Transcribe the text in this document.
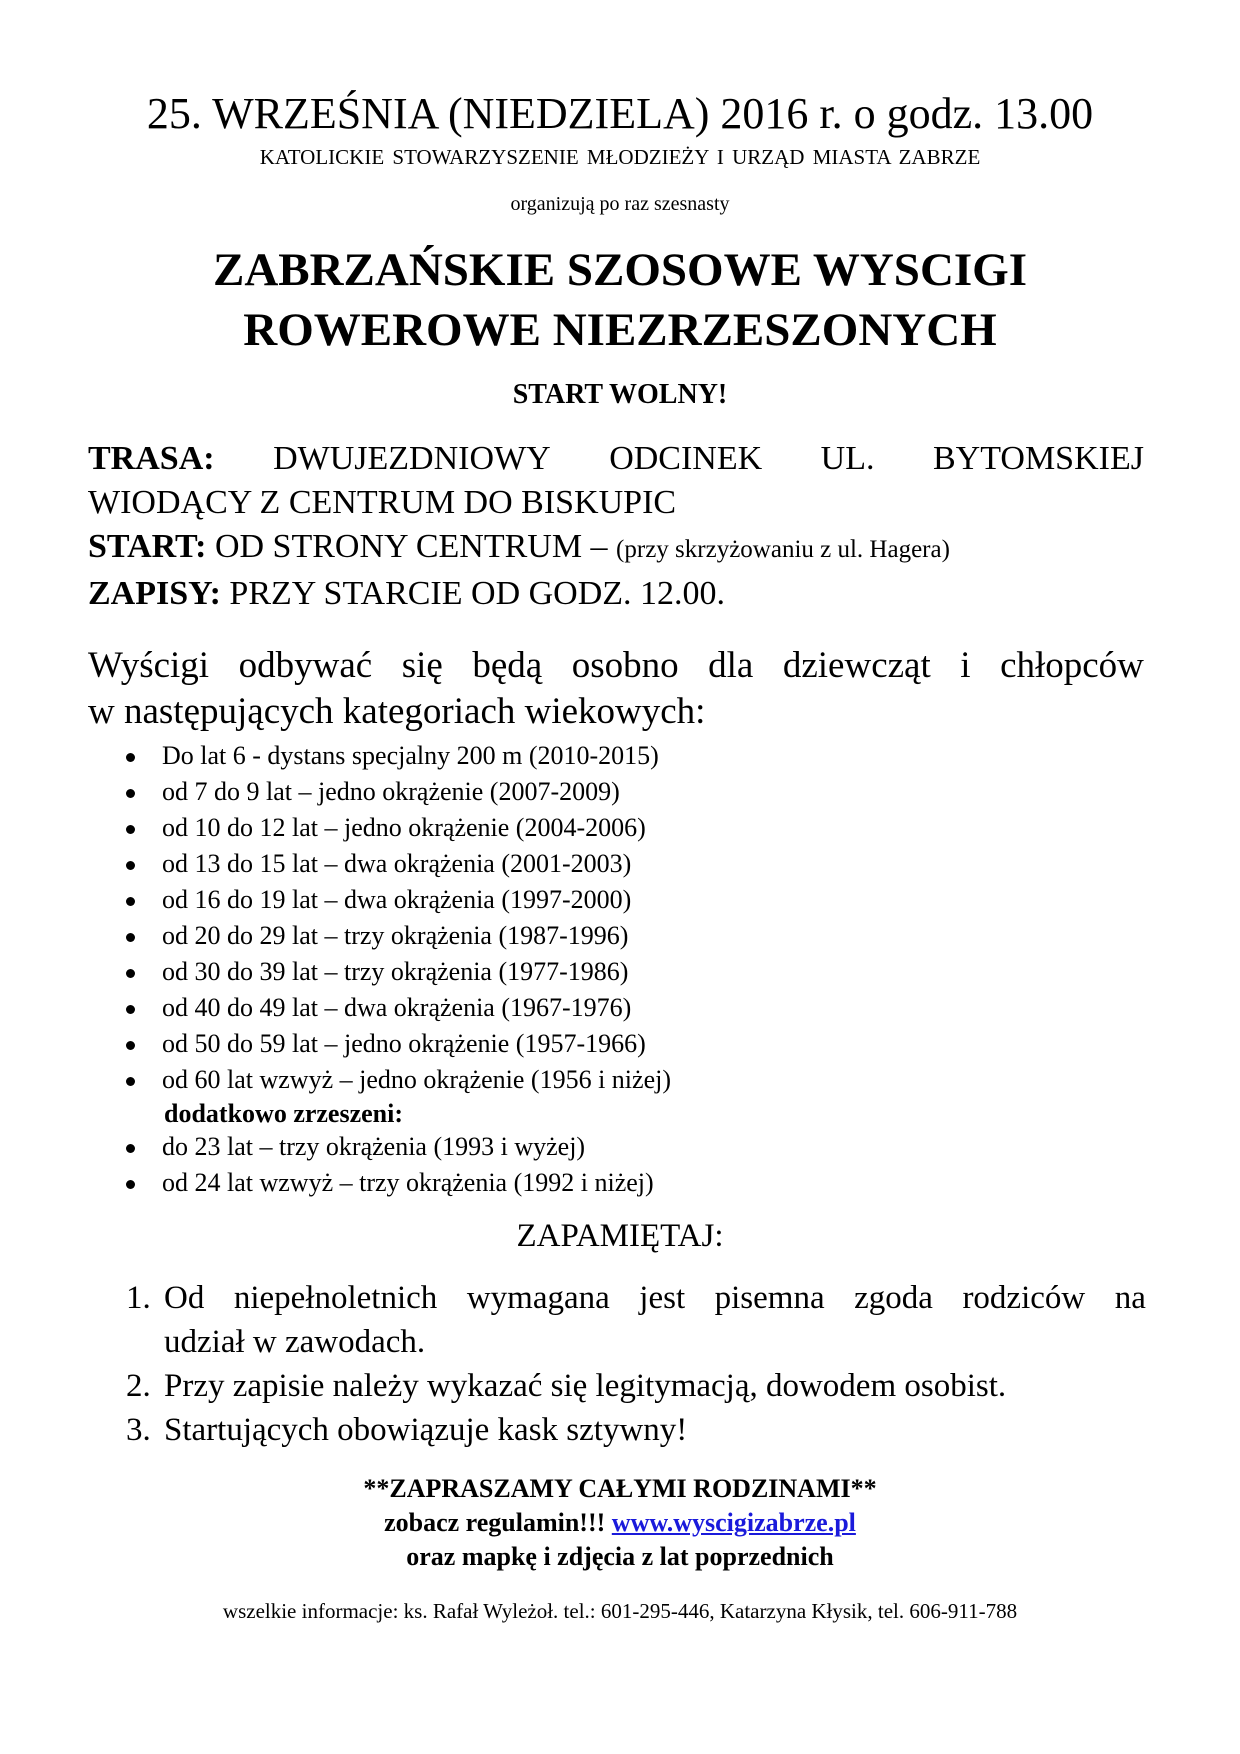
25. WRZEŚNIA (NIEDZIELA) 2016 r. o godz. 13.00
KATOLICKIE STOWARZYSZENIE MŁODZIEŻY I URZĄD MIASTA ZABRZE
organizują po raz szesnasty
ZABRZAŃSKIE SZOSOWE WYSCIGI
ROWEROWE NIEZRZESZONYCH
START WOLNY!
TRASA: DWUJEZDNIOWY ODCINEK UL. BYTOMSKIEJ
WIODĄCY Z CENTRUM DO BISKUPIC
START: OD STRONY CENTRUM – (przy skrzyżowaniu z ul. Hagera)
ZAPISY: PRZY STARCIE OD GODZ. 12.00.
Wyścigi odbywać się będą osobno dla dziewcząt i chłopców
w następujących kategoriach wiekowych:
Do lat 6 - dystans specjalny 200 m (2010-2015)
od 7 do 9 lat – jedno okrążenie (2007-2009)
od 10 do 12 lat – jedno okrążenie (2004-2006)
od 13 do 15 lat – dwa okrążenia (2001-2003)
od 16 do 19 lat – dwa okrążenia (1997-2000)
od 20 do 29 lat – trzy okrążenia (1987-1996)
od 30 do 39 lat – trzy okrążenia (1977-1986)
od 40 do 49 lat – dwa okrążenia (1967-1976)
od 50 do 59 lat – jedno okrążenie (1957-1966)
od 60 lat wzwyż – jedno okrążenie (1956 i niżej)
dodatkowo zrzeszeni:
do 23 lat – trzy okrążenia (1993 i wyżej)
od 24 lat wzwyż – trzy okrążenia (1992 i niżej)
ZAPAMIĘTAJ:
1. Od niepełnoletnich wymagana jest pisemna zgoda rodziców na
udział w zawodach.
2. Przy zapisie należy wykazać się legitymacją, dowodem osobist.
3. Startujących obowiązuje kask sztywny!
**ZAPRASZAMY CAŁYMI RODZINAMI**
zobacz regulamin!!! www.wyscigizabrze.pl
oraz mapkę i zdjęcia z lat poprzednich
wszelkie informacje: ks. Rafał Wyleżoł. tel.: 601-295-446, Katarzyna Kłysik, tel. 606-911-788
